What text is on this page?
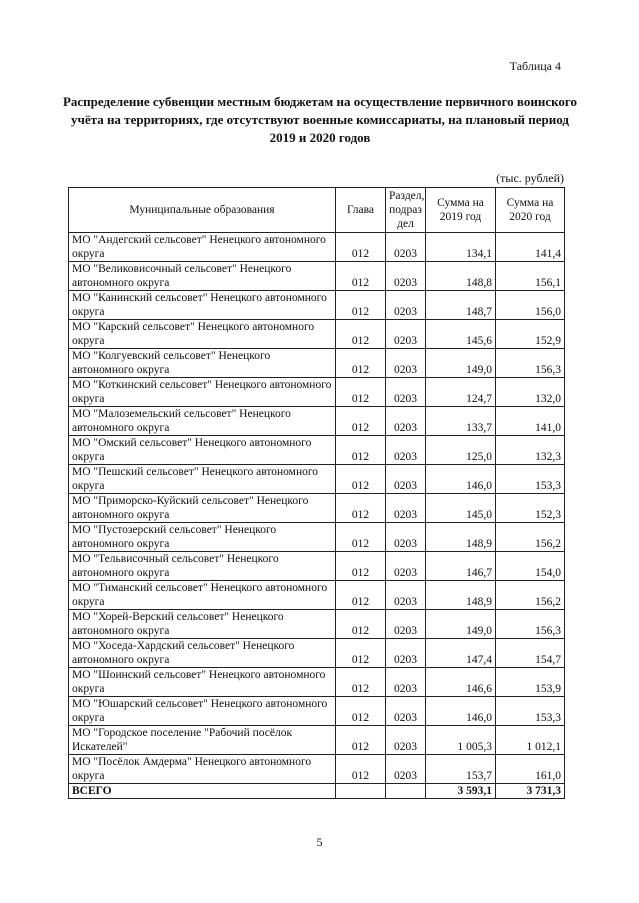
Таблица 4
Распределение субвенции местным бюджетам на осуществление первичного воинского учёта на территориях, где отсутствуют военные комиссариаты, на плановый период 2019 и 2020 годов
(тыс. рублей)
Муниципальные образования	Глава	Раздел, подраз дел	Сумма на 2019 год	Сумма на 2020 год
МО "Андегский сельсовет" Ненецкого автономного округа	012	0203	134,1	141,4
МО "Великовисочный сельсовет" Ненецкого автономного округа	012	0203	148,8	156,1
МО "Канинский сельсовет" Ненецкого автономного округа	012	0203	148,7	156,0
МО "Карский сельсовет" Ненецкого автономного округа	012	0203	145,6	152,9
МО "Колгуевский сельсовет" Ненецкого автономного округа	012	0203	149,0	156,3
МО "Коткинский сельсовет" Ненецкого автономного округа	012	0203	124,7	132,0
МО "Малоземельский сельсовет" Ненецкого автономного округа	012	0203	133,7	141,0
МО "Омский сельсовет" Ненецкого автономного округа	012	0203	125,0	132,3
МО "Пешский сельсовет" Ненецкого автономного округа	012	0203	146,0	153,3
МО "Приморско-Куйский сельсовет" Ненецкого автономного округа	012	0203	145,0	152,3
МО "Пустозерский сельсовет" Ненецкого автономного округа	012	0203	148,9	156,2
МО "Тельвисочный сельсовет" Ненецкого автономного округа	012	0203	146,7	154,0
МО "Тиманский сельсовет" Ненецкого автономного округа	012	0203	148,9	156,2
МО "Хорей-Верский сельсовет" Ненецкого автономного округа	012	0203	149,0	156,3
МО "Хоседа-Хардский сельсовет" Ненецкого автономного округа	012	0203	147,4	154,7
МО "Шоинский сельсовет" Ненецкого автономного округа	012	0203	146,6	153,9
МО "Юшарский сельсовет" Ненецкого автономного округа	012	0203	146,0	153,3
МО "Городское поселение "Рабочий посёлок Искателей"	012	0203	1 005,3	1 012,1
МО "Посёлок Амдерма" Ненецкого автономного округа	012	0203	153,7	161,0
ВСЕГО			3 593,1	3 731,3
5
